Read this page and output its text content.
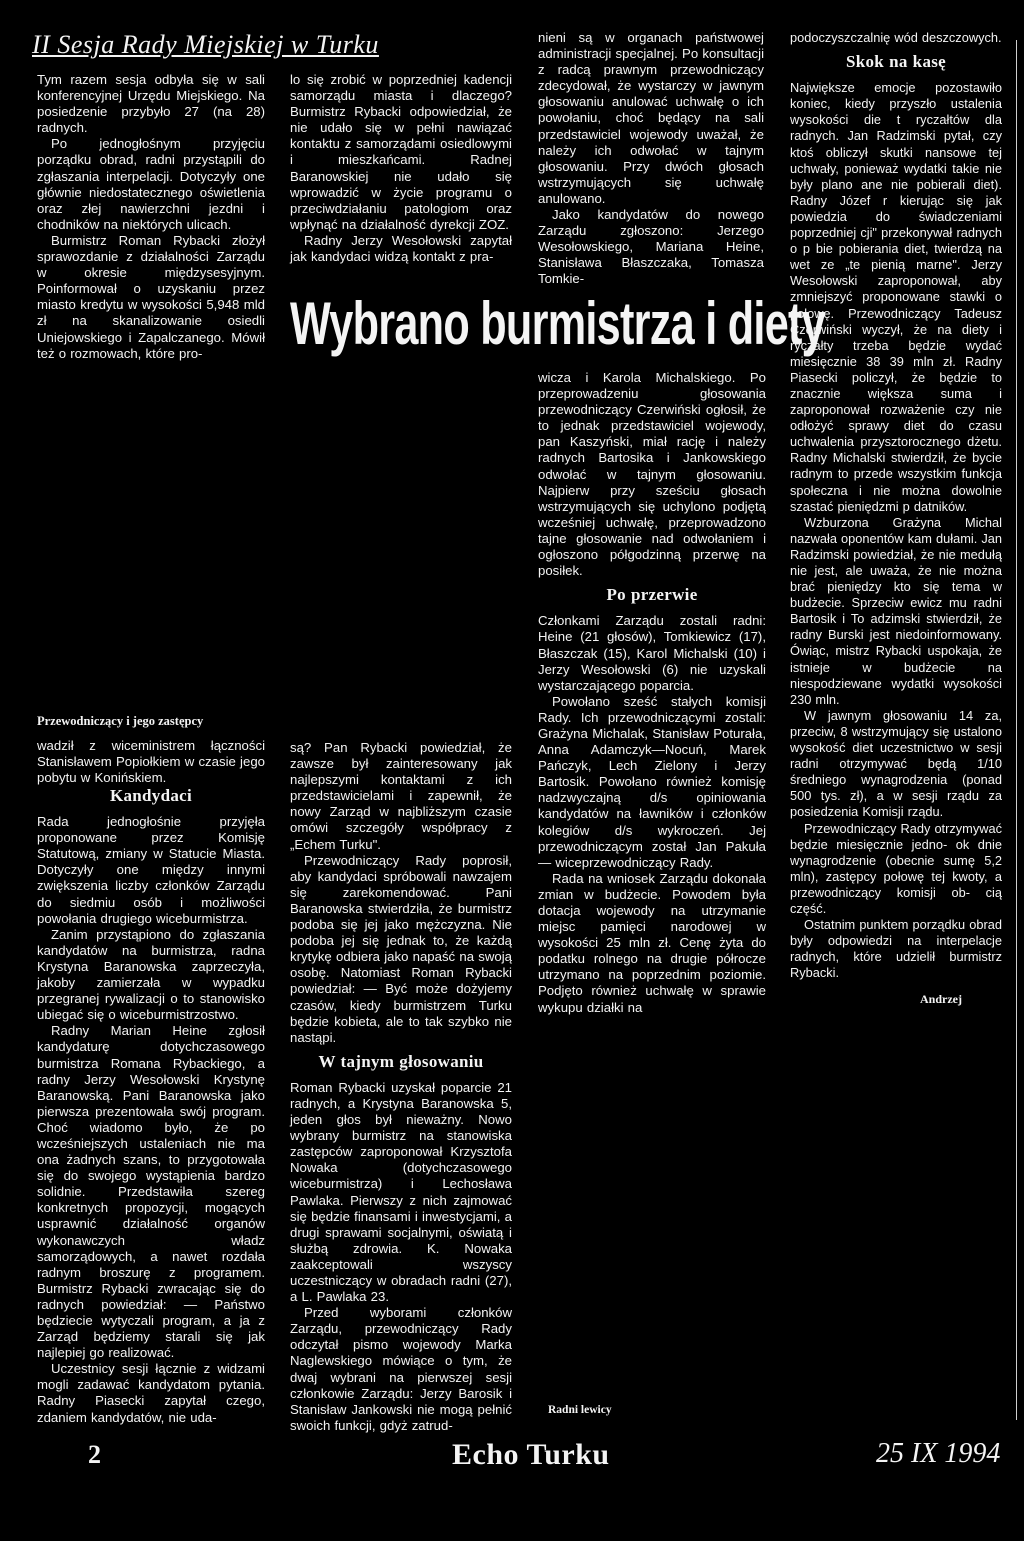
II Sesja Rady Miejskiej w Turku

Tym razem sesja odbyła się w sali konferencyjnej Urzędu Miejskiego. Na posiedzenie przybyło 27 (na 28) radnych.

Po jednogłośnym przyjęciu porządku obrad, radni przystąpili do zgłaszania interpelacji. Dotyczyły one głównie niedostatecznego oświetlenia oraz złej nawierzchni jezdni i chodników na niektórych ulicach.

Burmistrz Roman Rybacki złożył sprawozdanie z działalności Zarządu w okresie międzysesyjnym. Poinformował o uzyskaniu przez miasto kredytu w wysokości 5,948 mld zł na skanalizowanie osiedli Uniejowskiego i Zapalczanego. Mówił też o rozmowach, które pro-

lo się zrobić w poprzedniej kadencji samorządu miasta i dlaczego? Burmistrz Rybacki odpowiedział, że nie udało się w pełni nawiązać kontaktu z samorządami osiedlowymi i mieszkańcami. Radnej Baranowskiej nie udało się wprowadzić w życie programu o przeciwdziałaniu patologiom oraz wpłynąć na działalność dyrekcji ZOZ.

Radny Jerzy Wesołowski zapytał jak kandydaci widzą kontakt z pra-

nieni są w organach państwowej administracji specjalnej. Po konsultacji z radcą prawnym przewodniczący zdecydował, że wystarczy w jawnym głosowaniu anulować uchwałę o ich powołaniu, choć będący na sali przedstawiciel wojewody uważał, że należy ich odwołać w tajnym głosowaniu. Przy dwóch głosach wstrzymujących się uchwałę anulowano.

Jako kandydatów do nowego Zarządu zgłoszono: Jerzego Wesołowskiego, Mariana Heine, Stanisława Błaszczaka, Tomasza Tomkie-

Wybrano burmistrza i diety

podoczyszczalnię wód deszczowych.

Skok na kasę

Największe emocje pozostawiło koniec, kiedy przyszło ustalenia wysokości die t ryczałtów dla radnych. Jan Radzimski pytał, czy ktoś obliczył skutki nansowe tej uchwały, ponieważ wydatki takie nie były plano ane nie pobierali diet). Radny Józef r kierując się jak powiedzia do świadczeniami poprzedniej cji" przekonywał radnych o p bie pobierania diet, twierdzą na wet ze „te pienią marne". Jerzy Wesołowski zaproponował, aby zmniejszyć proponowane stawki o połowę. Przewodniczący Tadeusz Czerwiński wyczył, że na diety i ryczałty trzeba będzie wydać miesięcznie 38 39 mln zł. Radny Piasecki policzył, że będzie to znacznie większa suma i zaproponował rozważenie czy nie odłożyć sprawy diet do czasu uchwalenia przysztorocznego dżetu. Radny Michalski stwierdził, że bycie radnym to przede wszystkim funkcja społeczna i nie można dowolnie szastać pieniędzmi p datników.

Wzburzona Grażyna Michal nazwała oponentów kam dułami. Jan Radzimski powiedział, że nie medułą nie jest, ale uważa, że nie można brać pieniędzy kto się tema w budżecie. Sprzeciw ewicz mu radni Bartosik i To adzimski stwierdził, że radny Burski jest niedoinformowany. Ówiąc, mistrz Rybacki uspokaja, że istnieje w budżecie na niespodziewane wydatki wysokości 230 mln.

W jawnym głosowaniu 14 za, przeciw, 8 wstrzymujący się ustalono wysokość diet uczestnictwo w sesji radni otrzymywać będą 1/10 średniego wynagrodzenia (ponad 500 tys. zł), a w sesji rządu za posiedzenia Komisji rządu.

Przewodniczący Rady otrzymywać będzie miesięcznie jedno- ok dnie wynagrodzenie (obecnie sumę 5,2 mln), zastępcy połowę tej kwoty, a przewodniczący komisji ob- cią część.

Ostatnim punktem porządku obrad były odpowiedzi na interpelacje radnych, które udzielił burmistrz Rybacki.

Andrzej
Przewodniczący i jego zastępcy

wadził z wiceministrem łączności Stanisławem Popiołkiem w czasie jego pobytu w Konińskiem.

Kandydaci

Rada jednogłośnie przyjęła proponowane przez Komisję Statutową, zmiany w Statucie Miasta. Dotyczyły one między innymi zwiększenia liczby członków Zarządu do siedmiu osób i możliwości powołania drugiego wiceburmistrza.

Zanim przystąpiono do zgłaszania kandydatów na burmistrza, radna Krystyna Baranowska zaprzeczyła, jakoby zamierzała w wypadku przegranej rywalizacji o to stanowisko ubiegać się o wiceburmistrzostwo.

Radny Marian Heine zgłosił kandydaturę dotychczasowego burmistrza Romana Rybackiego, a radny Jerzy Wesołowski Krystynę Baranowską. Pani Baranowska jako pierwsza prezentowała swój program. Choć wiadomo było, że po wcześniejszych ustaleniach nie ma ona żadnych szans, to przygotowała się do swojego wystąpienia bardzo solidnie. Przedstawiła szereg konkretnych propozycji, mogących usprawnić działalność organów wykonawczych władz samorządowych, a nawet rozdała radnym broszurę z programem. Burmistrz Rybacki zwracając się do radnych powiedział: — Państwo będziecie wytyczali program, a ja z Zarząd będziemy starali się jak najlepiej go realizować.

Uczestnicy sesji łącznie z widzami mogli zadawać kandydatom pytania. Radny Piasecki zapytał czego, zdaniem kandydatów, nie uda-

są? Pan Rybacki powiedział, że zawsze był zainteresowany jak najlepszymi kontaktami z ich przedstawicielami i zapewnił, że nowy Zarząd w najbliższym czasie omówi szczegóły współpracy z „Echem Turku".

Przewodniczący Rady poprosił, aby kandydaci spróbowali nawzajem się zarekomendować. Pani Baranowska stwierdziła, że burmistrz podoba się jej jako mężczyzna. Nie podoba jej się jednak to, że każdą krytykę odbiera jako napaść na swoją osobę. Natomiast Roman Rybacki powiedział: — Być może dożyjemy czasów, kiedy burmistrzem Turku będzie kobieta, ale to tak szybko nie nastąpi.

W tajnym głosowaniu

Roman Rybacki uzyskał poparcie 21 radnych, a Krystyna Baranowska 5, jeden głos był nieważny. Nowo wybrany burmistrz na stanowiska zastępców zaproponował Krzysztofa Nowaka (dotychczasowego wiceburmistrza) i Lechosława Pawlaka. Pierwszy z nich zajmować się będzie finansami i inwestycjami, a drugi sprawami socjalnymi, oświatą i służbą zdrowia. K. Nowaka zaakceptowali wszyscy uczestniczący w obradach radni (27), a L. Pawlaka 23.

Przed wyborami członków Zarządu, przewodniczący Rady odczytał pismo wojewody Marka Naglewskiego mówiące o tym, że dwaj wybrani na pierwszej sesji członkowie Zarządu: Jerzy Barosik i Stanisław Jankowski nie mogą pełnić swoich funkcji, gdyż zatrud-

wicza i Karola Michalskiego. Po przeprowadzeniu głosowania przewodniczący Czerwiński ogłosił, że to jednak przedstawiciel wojewody, pan Kaszyński, miał rację i należy radnych Bartosika i Jankowskiego odwołać w tajnym głosowaniu. Najpierw przy sześciu głosach wstrzymujących się uchylono podjętą wcześniej uchwałę, przeprowadzono tajne głosowanie nad odwołaniem i ogłoszono półgodzinną przerwę na posiłek.

Po przerwie

Członkami Zarządu zostali radni: Heine (21 głosów), Tomkiewicz (17), Błaszczak (15), Karol Michalski (10) i Jerzy Wesołowski (6) nie uzyskali wystarczającego poparcia.

Powołano sześć stałych komisji Rady. Ich przewodniczącymi zostali: Grażyna Michalak, Stanisław Poturała, Anna Adamczyk—Nocuń, Marek Pańczyk, Lech Zielony i Jerzy Bartosik. Powołano również komisję nadzwyczajną d/s opiniowania kandydatów na ławników i członków kolegiów d/s wykroczeń. Jej przewodniczącym został Jan Pakuła — wiceprzewodniczący Rady.

Rada na wniosek Zarządu dokonała zmian w budżecie. Powodem była dotacja wojewody na utrzymanie miejsc pamięci narodowej w wysokości 25 mln zł. Cenę żyta do podatku rolnego na drugie półrocze utrzymano na poprzednim poziomie. Podjęto również uchwałę w sprawie wykupu działki na

Radni lewicy
2	Echo Turku	25 IX 1994
